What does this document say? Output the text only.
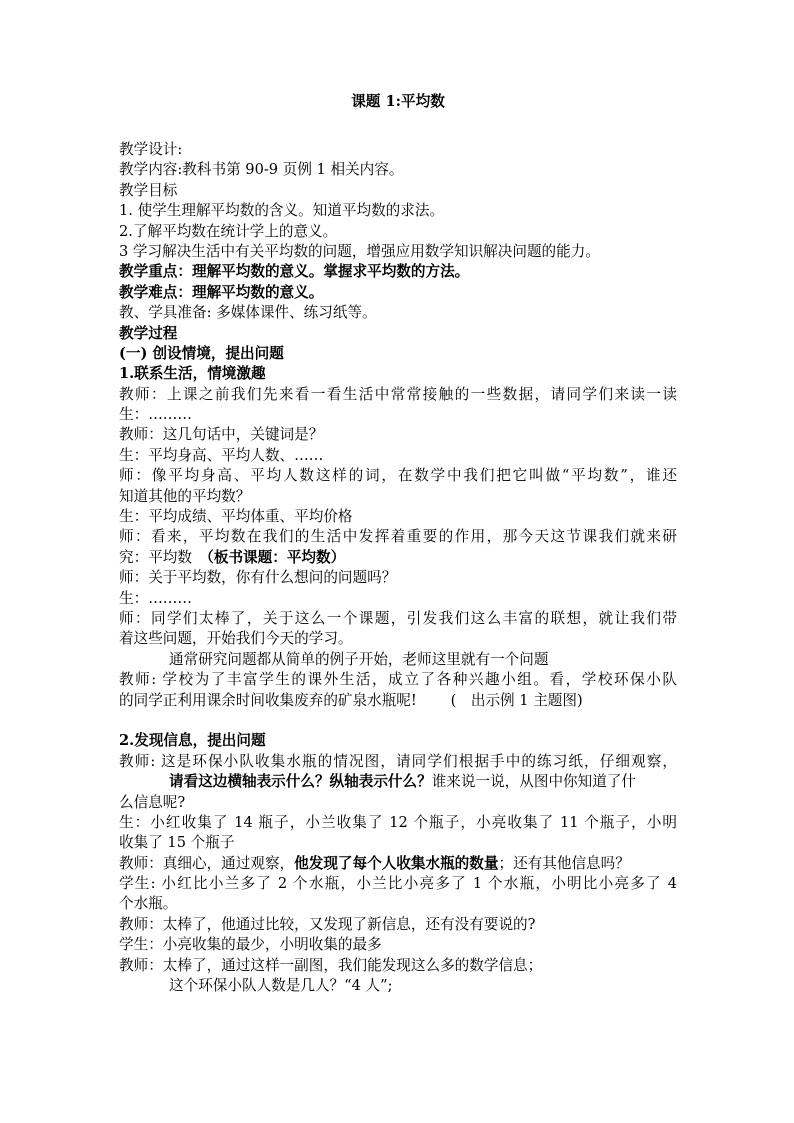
课题 1:平均数
教学设计:
教学内容:教科书第 90-9 页例 1 相关内容。
教学目标
1. 使学生理解平均数的含义。知道平均数的求法。
2.了解平均数在统计学上的意义。
3 学习解决生活中有关平均数的问题，增强应用数学知识解决问题的能力。
教学重点：理解平均数的意义。掌握求平均数的方法。
教学难点：理解平均数的意义。
教、学具准备: 多媒体课件、练习纸等。
教学过程
(一) 创设情境，提出问题
1.联系生活，情境激趣
教师：上课之前我们先来看一看生活中常常接触的一些数据，请同学们来读一读
生：………
教师：这几句话中，关键词是？
生：平均身高、平均人数、……
师：像平均身高、平均人数这样的词，在数学中我们把它叫做“平均数”，谁还
知道其他的平均数？
生：平均成绩、平均体重、平均价格
师：看来，平均数在我们的生活中发挥着重要的作用，那今天这节课我们就来研
究：平均数　（板书课题：平均数）
师：关于平均数，你有什么想问的问题吗？
生：………
师：同学们太棒了，关于这么一个课题，引发我们这么丰富的联想，就让我们带
着这些问题，开始我们今天的学习。
通常研究问题都从简单的例子开始，老师这里就有一个问题
教师: 学校为了丰富学生的课外生活，成立了各种兴趣小组。看，学校环保小队
的同学正利用课余时间收集废弃的矿泉水瓶呢!　　 (　出示例 1 主题图)
2.发现信息，提出问题
教师: 这是环保小队收集水瓶的情况图，请同学们根据手中的练习纸，仔细观察，
请看这边横轴表示什么？纵轴表示什么？谁来说一说，从图中你知道了什
么信息呢?
生：小红收集了 14 瓶子，小兰收集了 12 个瓶子，小亮收集了 11 个瓶子，小明
收集了 15 个瓶子
教师：真细心，通过观察，他发现了每个人收集水瓶的数量；还有其他信息吗？
学生: 小红比小兰多了 2 个水瓶，小兰比小亮多了 1 个水瓶，小明比小亮多了 4
个水瓶。
教师：太棒了，他通过比较，又发现了新信息，还有没有要说的?
学生：小亮收集的最少，小明收集的最多
教师：太棒了，通过这样一副图，我们能发现这么多的数学信息；
这个环保小队人数是几人？“4 人”;
